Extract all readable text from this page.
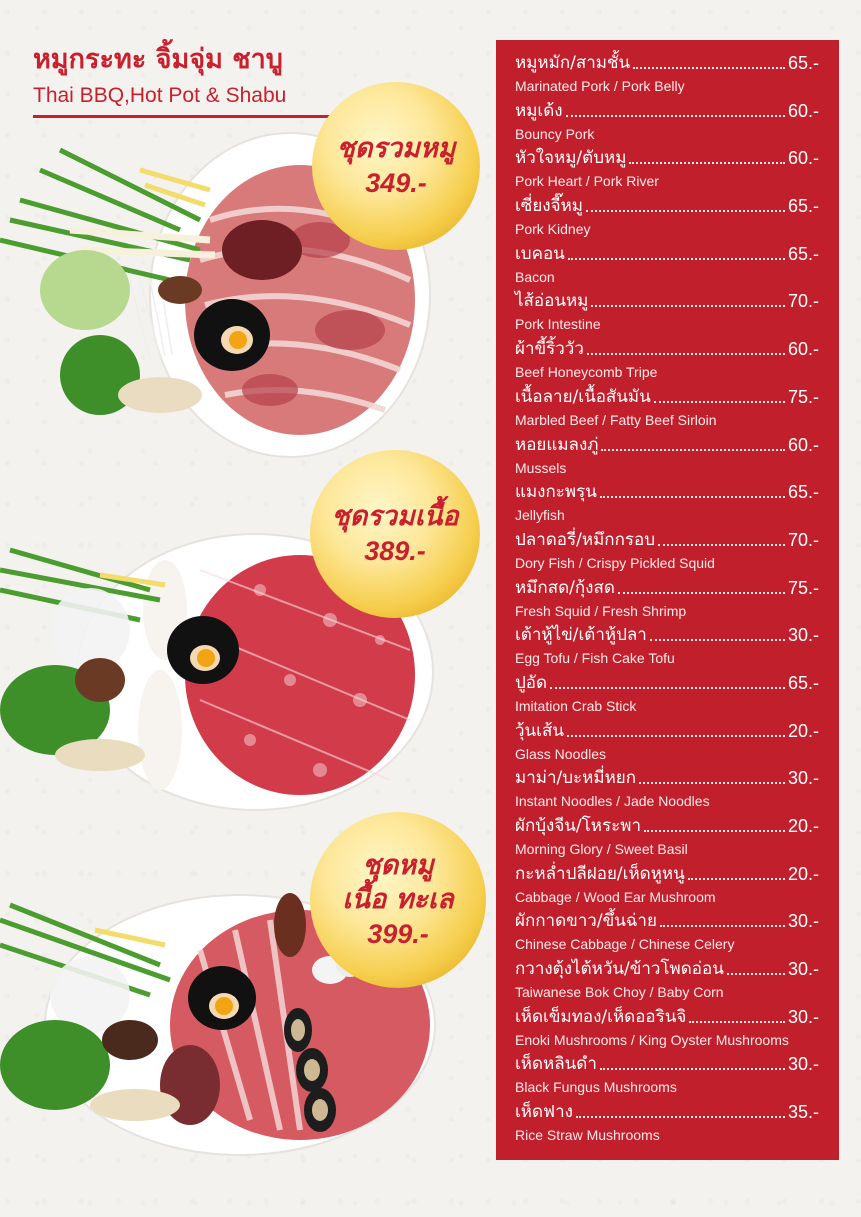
หมูกระทะ จิ้มจุ่ม ชาบู
Thai BBQ,Hot Pot & Shabu
ชุดรวมหมู
349.-
ชุดรวมเนื้อ
389.-
ชุดหมู
เนื้อ ทะเล
399.-
หมูหมัก/สามชั้น	65.-
Marinated Pork / Pork Belly
หมูเด้ง	60.-
Bouncy Pork
หัวใจหมู/ตับหมู	60.-
Pork Heart / Pork River
เซี่ยงจี๊หมู	65.-
Pork Kidney
เบคอน	65.-
Bacon
ไส้อ่อนหมู	70.-
Pork Intestine
ผ้าขี้ริ้ววัว	60.-
Beef Honeycomb Tripe
เนื้อลาย/เนื้อสันมัน	75.-
Marbled Beef / Fatty Beef Sirloin
หอยแมลงภู่	60.-
Mussels
แมงกะพรุน	65.-
Jellyfish
ปลาดอรี่/หมึกกรอบ	70.-
Dory Fish / Crispy Pickled Squid
หมึกสด/กุ้งสด	75.-
Fresh Squid / Fresh Shrimp
เต้าหู้ไข่/เต้าหู้ปลา	30.-
Egg Tofu / Fish Cake Tofu
ปูอัด	65.-
Imitation Crab Stick
วุ้นเส้น	20.-
Glass Noodles
มาม่า/บะหมี่หยก	30.-
Instant Noodles / Jade Noodles
ผักบุ้งจีน/โหระพา	20.-
Morning Glory / Sweet Basil
กะหล่ำปลีฝอย/เห็ดหูหนู	20.-
Cabbage / Wood Ear Mushroom
ผักกาดขาว/ขึ้นฉ่าย	30.-
Chinese Cabbage / Chinese Celery
กวางตุ้งไต้หวัน/ข้าวโพดอ่อน	30.-
Taiwanese Bok Choy / Baby Corn
เห็ดเข็มทอง/เห็ดออรินจิ	30.-
Enoki Mushrooms / King Oyster Mushrooms
เห็ดหลินดำ	30.-
Black Fungus Mushrooms
เห็ดฟาง	35.-
Rice Straw Mushrooms
